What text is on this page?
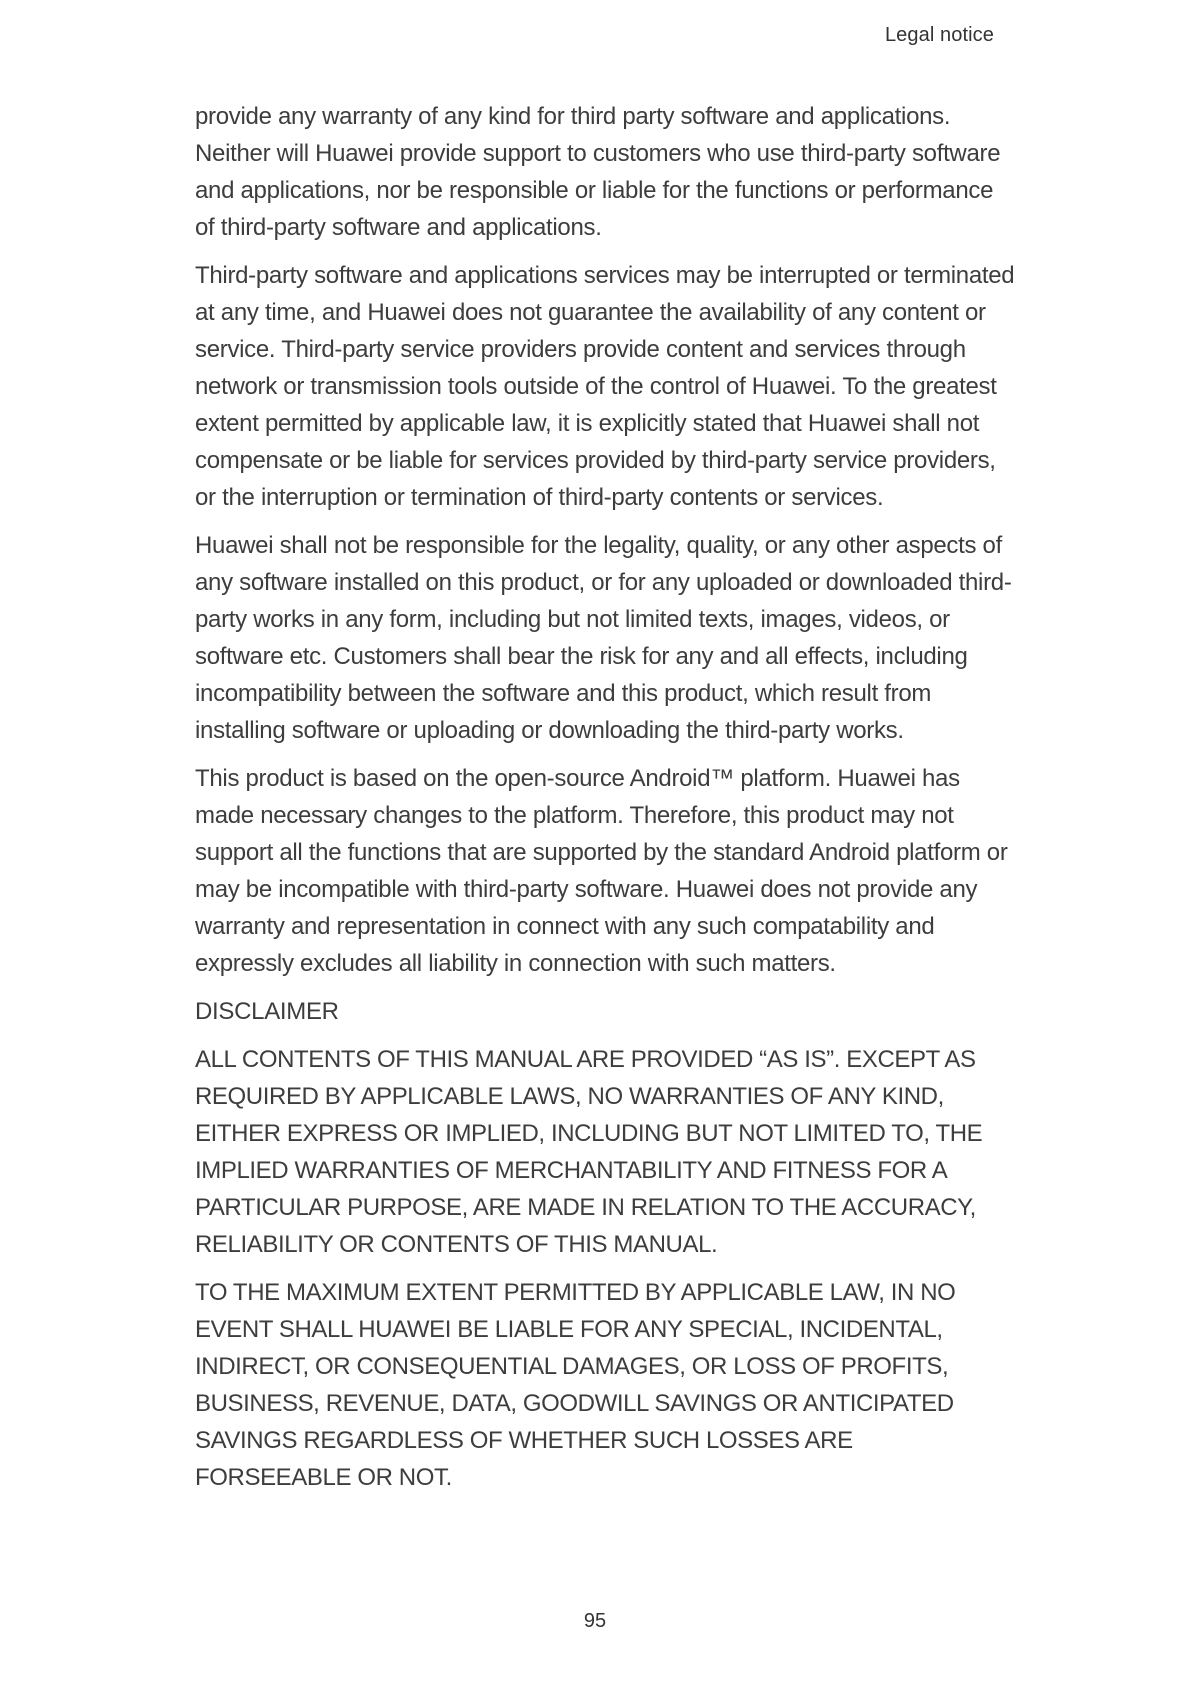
Legal notice

provide any warranty of any kind for third party software and applications. Neither will Huawei provide support to customers who use third-party software and applications, nor be responsible or liable for the functions or performance of third-party software and applications.

Third-party software and applications services may be interrupted or terminated at any time, and Huawei does not guarantee the availability of any content or service. Third-party service providers provide content and services through network or transmission tools outside of the control of Huawei. To the greatest extent permitted by applicable law, it is explicitly stated that Huawei shall not compensate or be liable for services provided by third-party service providers, or the interruption or termination of third-party contents or services.

Huawei shall not be responsible for the legality, quality, or any other aspects of any software installed on this product, or for any uploaded or downloaded third-party works in any form, including but not limited texts, images, videos, or software etc. Customers shall bear the risk for any and all effects, including incompatibility between the software and this product, which result from installing software or uploading or downloading the third-party works.

This product is based on the open-source Android™ platform. Huawei has made necessary changes to the platform. Therefore, this product may not support all the functions that are supported by the standard Android platform or may be incompatible with third-party software. Huawei does not provide any warranty and representation in connect with any such compatability and expressly excludes all liability in connection with such matters.

DISCLAIMER

ALL CONTENTS OF THIS MANUAL ARE PROVIDED “AS IS”. EXCEPT AS REQUIRED BY APPLICABLE LAWS, NO WARRANTIES OF ANY KIND, EITHER EXPRESS OR IMPLIED, INCLUDING BUT NOT LIMITED TO, THE IMPLIED WARRANTIES OF MERCHANTABILITY AND FITNESS FOR A PARTICULAR PURPOSE, ARE MADE IN RELATION TO THE ACCURACY, RELIABILITY OR CONTENTS OF THIS MANUAL.

TO THE MAXIMUM EXTENT PERMITTED BY APPLICABLE LAW, IN NO EVENT SHALL HUAWEI BE LIABLE FOR ANY SPECIAL, INCIDENTAL, INDIRECT, OR CONSEQUENTIAL DAMAGES, OR LOSS OF PROFITS, BUSINESS, REVENUE, DATA, GOODWILL SAVINGS OR ANTICIPATED SAVINGS REGARDLESS OF WHETHER SUCH LOSSES ARE FORSEEABLE OR NOT.

95
